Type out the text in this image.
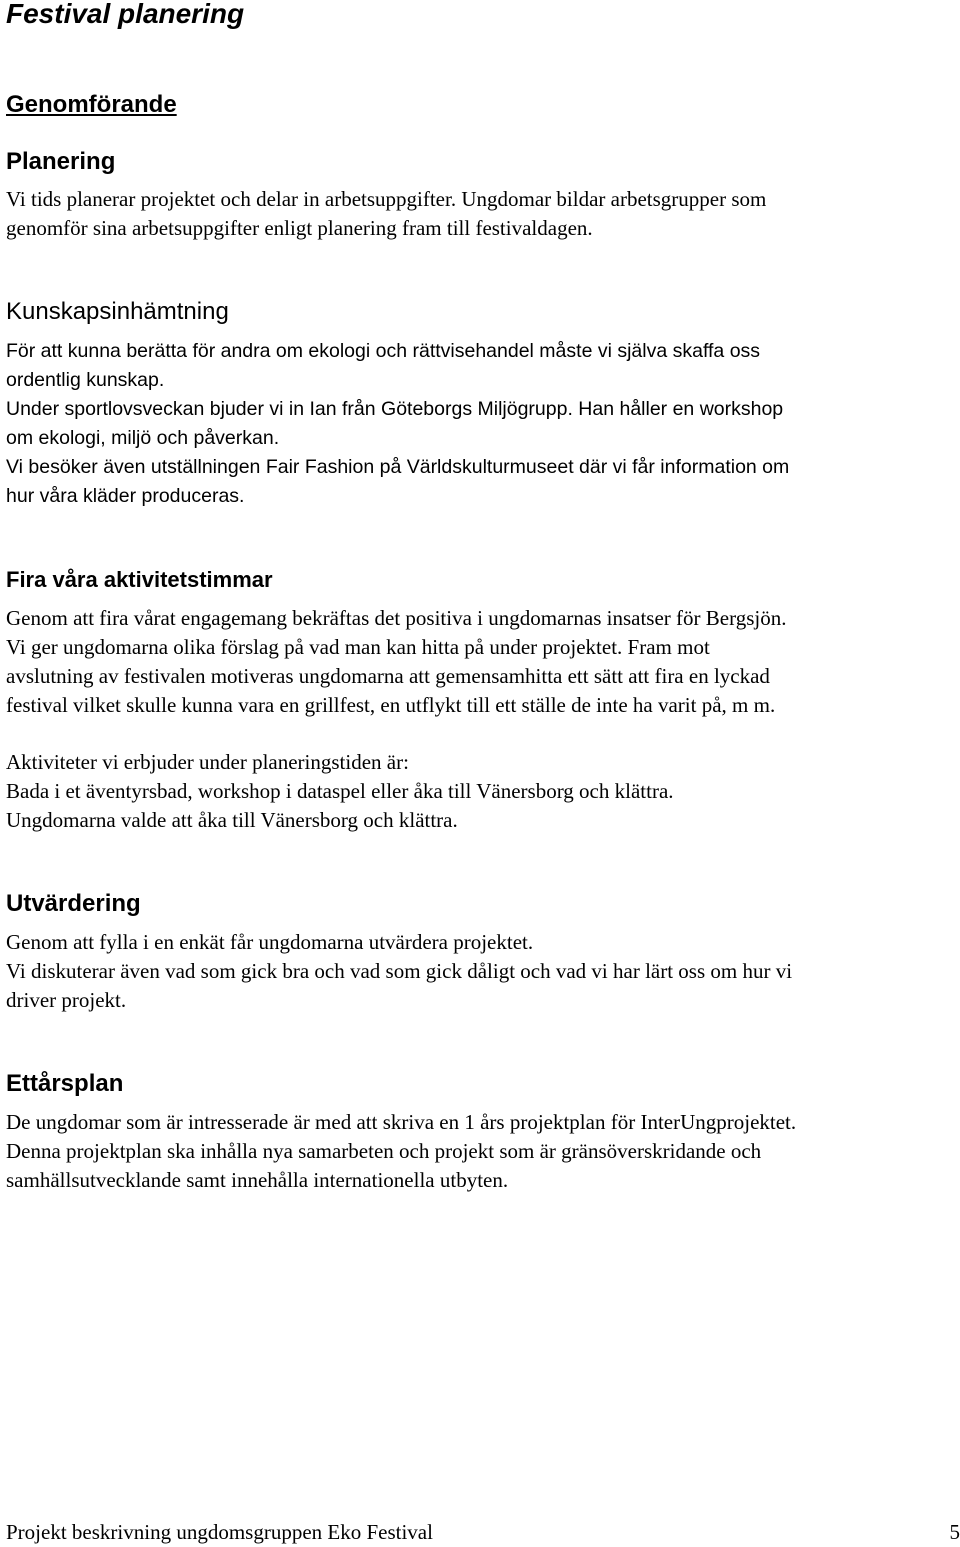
Festival planering
Genomförande
Planering
Vi tids planerar projektet och delar in arbetsuppgifter. Ungdomar bildar arbetsgrupper som
genomför sina arbetsuppgifter enligt planering fram till festivaldagen.
Kunskapsinhämtning
För att kunna berätta för andra om ekologi och rättvisehandel måste vi själva skaffa oss
ordentlig kunskap.
Under sportlovsveckan bjuder vi in Ian från Göteborgs Miljögrupp. Han håller en workshop
om ekologi, miljö och påverkan.
Vi besöker även utställningen Fair Fashion på Världskulturmuseet där vi får information om
hur våra kläder produceras.
Fira våra aktivitetstimmar
Genom att fira vårat engagemang bekräftas det positiva i ungdomarnas insatser för Bergsjön.
Vi ger ungdomarna olika förslag på vad man kan hitta på under projektet. Fram mot
avslutning av festivalen motiveras ungdomarna att gemensamhitta ett sätt att fira en lyckad
festival vilket skulle kunna vara en grillfest, en utflykt till ett ställe de inte ha varit på, m m.
Aktiviteter vi erbjuder under planeringstiden är:
Bada i et äventyrsbad, workshop i dataspel eller åka till Vänersborg och klättra.
Ungdomarna valde att åka till Vänersborg och klättra.
Utvärdering
Genom att fylla i en enkät får ungdomarna utvärdera projektet.
Vi diskuterar även vad som gick bra och vad som gick dåligt och vad vi har lärt oss om hur vi
driver projekt.
Ettårsplan
De ungdomar som är intresserade är med att skriva en 1 års projektplan för InterUngprojektet.
Denna projektplan ska inhålla nya samarbeten och projekt som är gränsöverskridande och
samhällsutvecklande samt innehålla internationella utbyten.
Projekt beskrivning ungdomsgruppen Eko Festival	5
